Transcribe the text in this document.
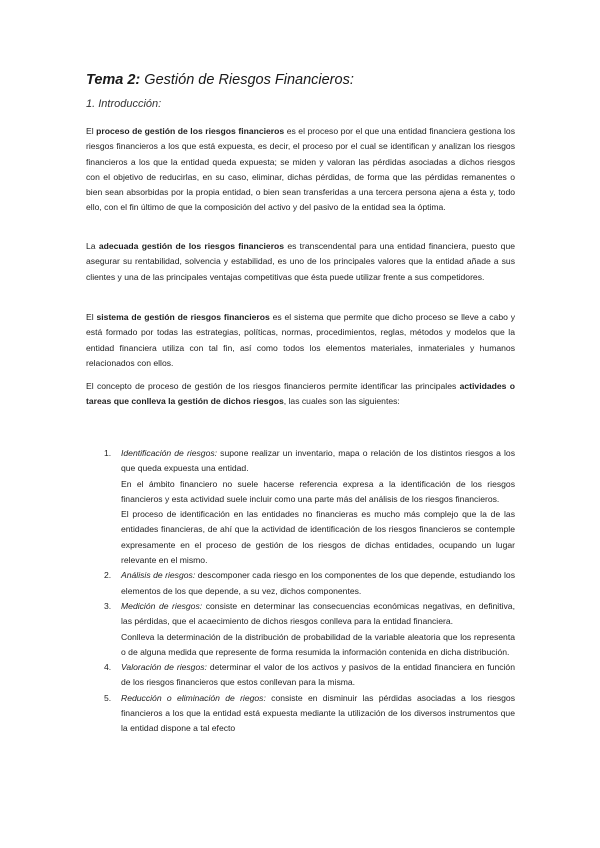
Tema 2: Gestión de Riesgos Financieros:
1. Introducción:

El proceso de gestión de los riesgos financieros es el proceso por el que una entidad financiera gestiona los riesgos financieros a los que está expuesta, es decir, el proceso por el cual se identifican y analizan los riesgos financieros a los que la entidad queda expuesta; se miden y valoran las pérdidas asociadas a dichos riesgos con el objetivo de reducirlas, en su caso, eliminar, dichas pérdidas, de forma que las pérdidas remanentes o bien sean absorbidas por la propia entidad, o bien sean transferidas a una tercera persona ajena a ésta y, todo ello, con el fin último de que la composición del activo y del pasivo de la entidad sea la óptima.

La adecuada gestión de los riesgos financieros es transcendental para una entidad financiera, puesto que asegurar su rentabilidad, solvencia y estabilidad, es uno de los principales valores que la entidad añade a sus clientes y una de las principales ventajas competitivas que ésta puede utilizar frente a sus competidores.

El sistema de gestión de riesgos financieros es el sistema que permite que dicho proceso se lleve a cabo y está formado por todas las estrategias, políticas, normas, procedimientos, reglas, métodos y modelos que la entidad financiera utiliza con tal fin, así como todos los elementos materiales, inmateriales y humanos relacionados con ellos.

El concepto de proceso de gestión de los riesgos financieros permite identificar las principales actividades o tareas que conlleva la gestión de dichos riesgos, las cuales son las siguientes:

1. Identificación de riesgos: supone realizar un inventario, mapa o relación de los distintos riesgos a los que queda expuesta una entidad.
En el ámbito financiero no suele hacerse referencia expresa a la identificación de los riesgos financieros y esta actividad suele incluir como una parte más del análisis de los riesgos financieros.
El proceso de identificación en las entidades no financieras es mucho más complejo que la de las entidades financieras, de ahí que la actividad de identificación de los riesgos financieros se contemple expresamente en el proceso de gestión de los riesgos de dichas entidades, ocupando un lugar relevante en el mismo.
2. Análisis de riesgos: descomponer cada riesgo en los componentes de los que depende, estudiando los elementos de los que depende, a su vez, dichos componentes.
3. Medición de riesgos: consiste en determinar las consecuencias económicas negativas, en definitiva, las pérdidas, que el acaecimiento de dichos riesgos conlleva para la entidad financiera.
Conlleva la determinación de la distribución de probabilidad de la variable aleatoria que los representa o de alguna medida que represente de forma resumida la información contenida en dicha distribución.
4. Valoración de riesgos: determinar el valor de los activos y pasivos de la entidad financiera en función de los riesgos financieros que estos conllevan para la misma.
5. Reducción o eliminación de riegos: consiste en disminuir las pérdidas asociadas a los riesgos financieros a los que la entidad está expuesta mediante la utilización de los diversos instrumentos que la entidad dispone a tal efecto
